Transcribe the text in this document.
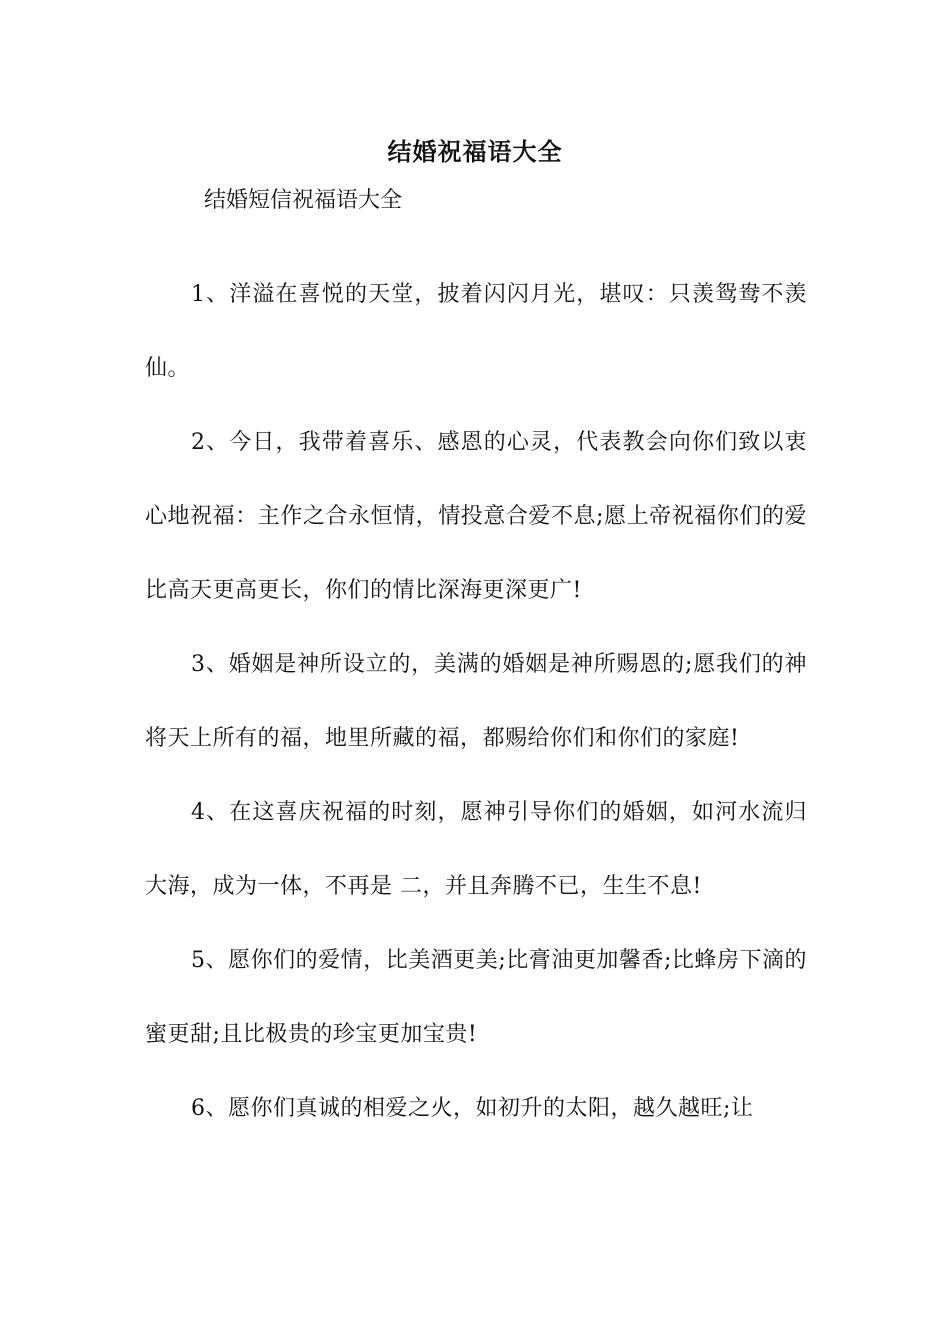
结婚祝福语大全
结婚短信祝福语大全

1、洋溢在喜悦的天堂，披着闪闪月光，堪叹：只羡鸳鸯不羡仙。

2、今日，我带着喜乐、感恩的心灵，代表教会向你们致以衷心地祝福：主作之合永恒情，情投意合爱不息;愿上帝祝福你们的爱比高天更高更长，你们的情比深海更深更广!

3、婚姻是神所设立的，美满的婚姻是神所赐恩的;愿我们的神将天上所有的福，地里所藏的福，都赐给你们和你们的家庭!

4、在这喜庆祝福的时刻，愿神引导你们的婚姻，如河水流归大海，成为一体，不再是 二，并且奔腾不已，生生不息!

5、愿你们的爱情，比美酒更美;比膏油更加馨香;比蜂房下滴的蜜更甜;且比极贵的珍宝更加宝贵!

6、愿你们真诚的相爱之火，如初升的太阳，越久越旺;让
